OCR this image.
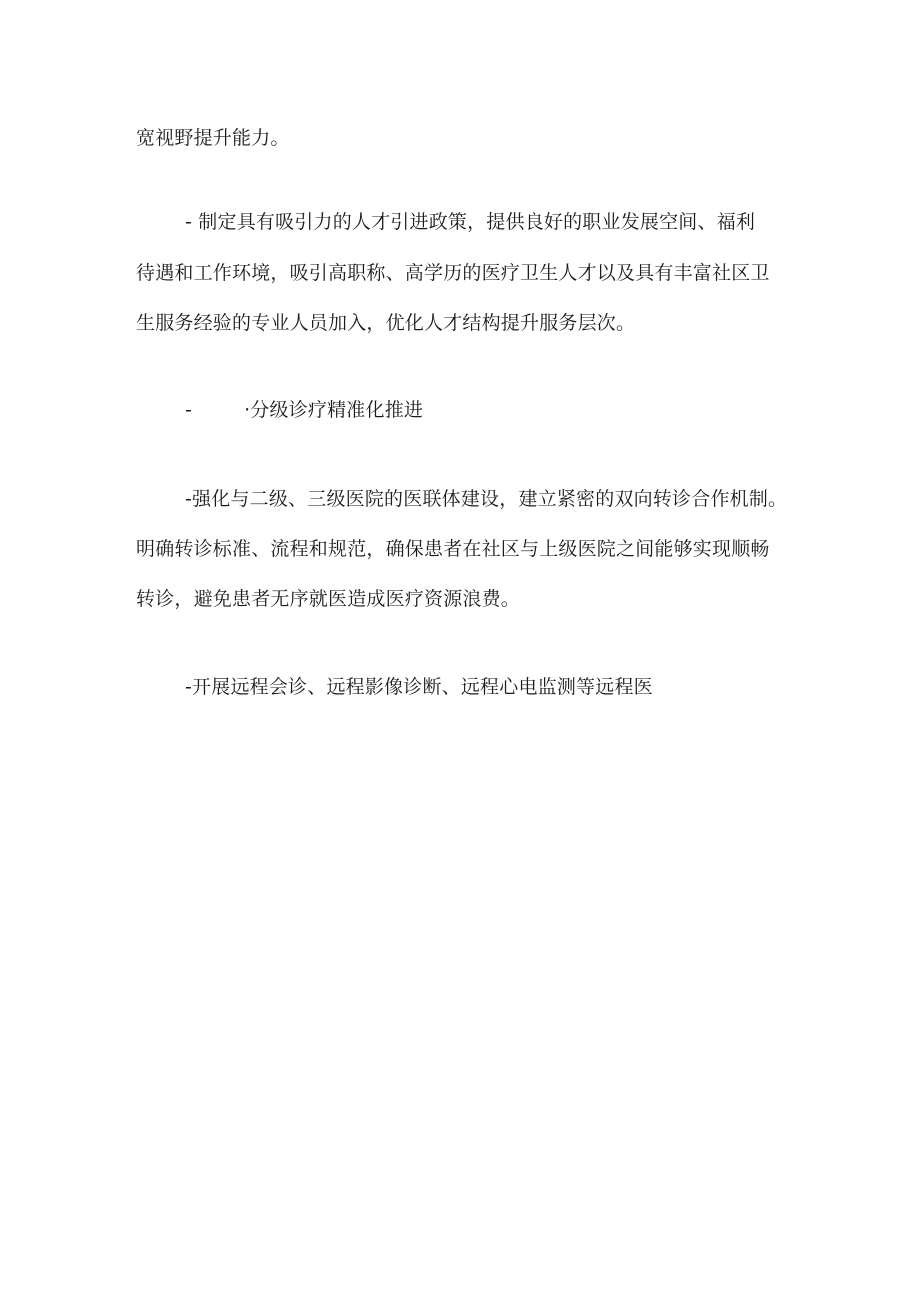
宽视野提升能力。
- 制定具有吸引力的人才引进政策，提供良好的职业发展空间、福利
待遇和工作环境，吸引高职称、高学历的医疗卫生人才以及具有丰富社区卫
生服务经验的专业人员加入，优化人才结构提升服务层次。
-	·分级诊疗精准化推进
-强化与二级、三级医院的医联体建设，建立紧密的双向转诊合作机制。
明确转诊标准、流程和规范，确保患者在社区与上级医院之间能够实现顺畅
转诊，避免患者无序就医造成医疗资源浪费。
-开展远程会诊、远程影像诊断、远程心电监测等远程医
